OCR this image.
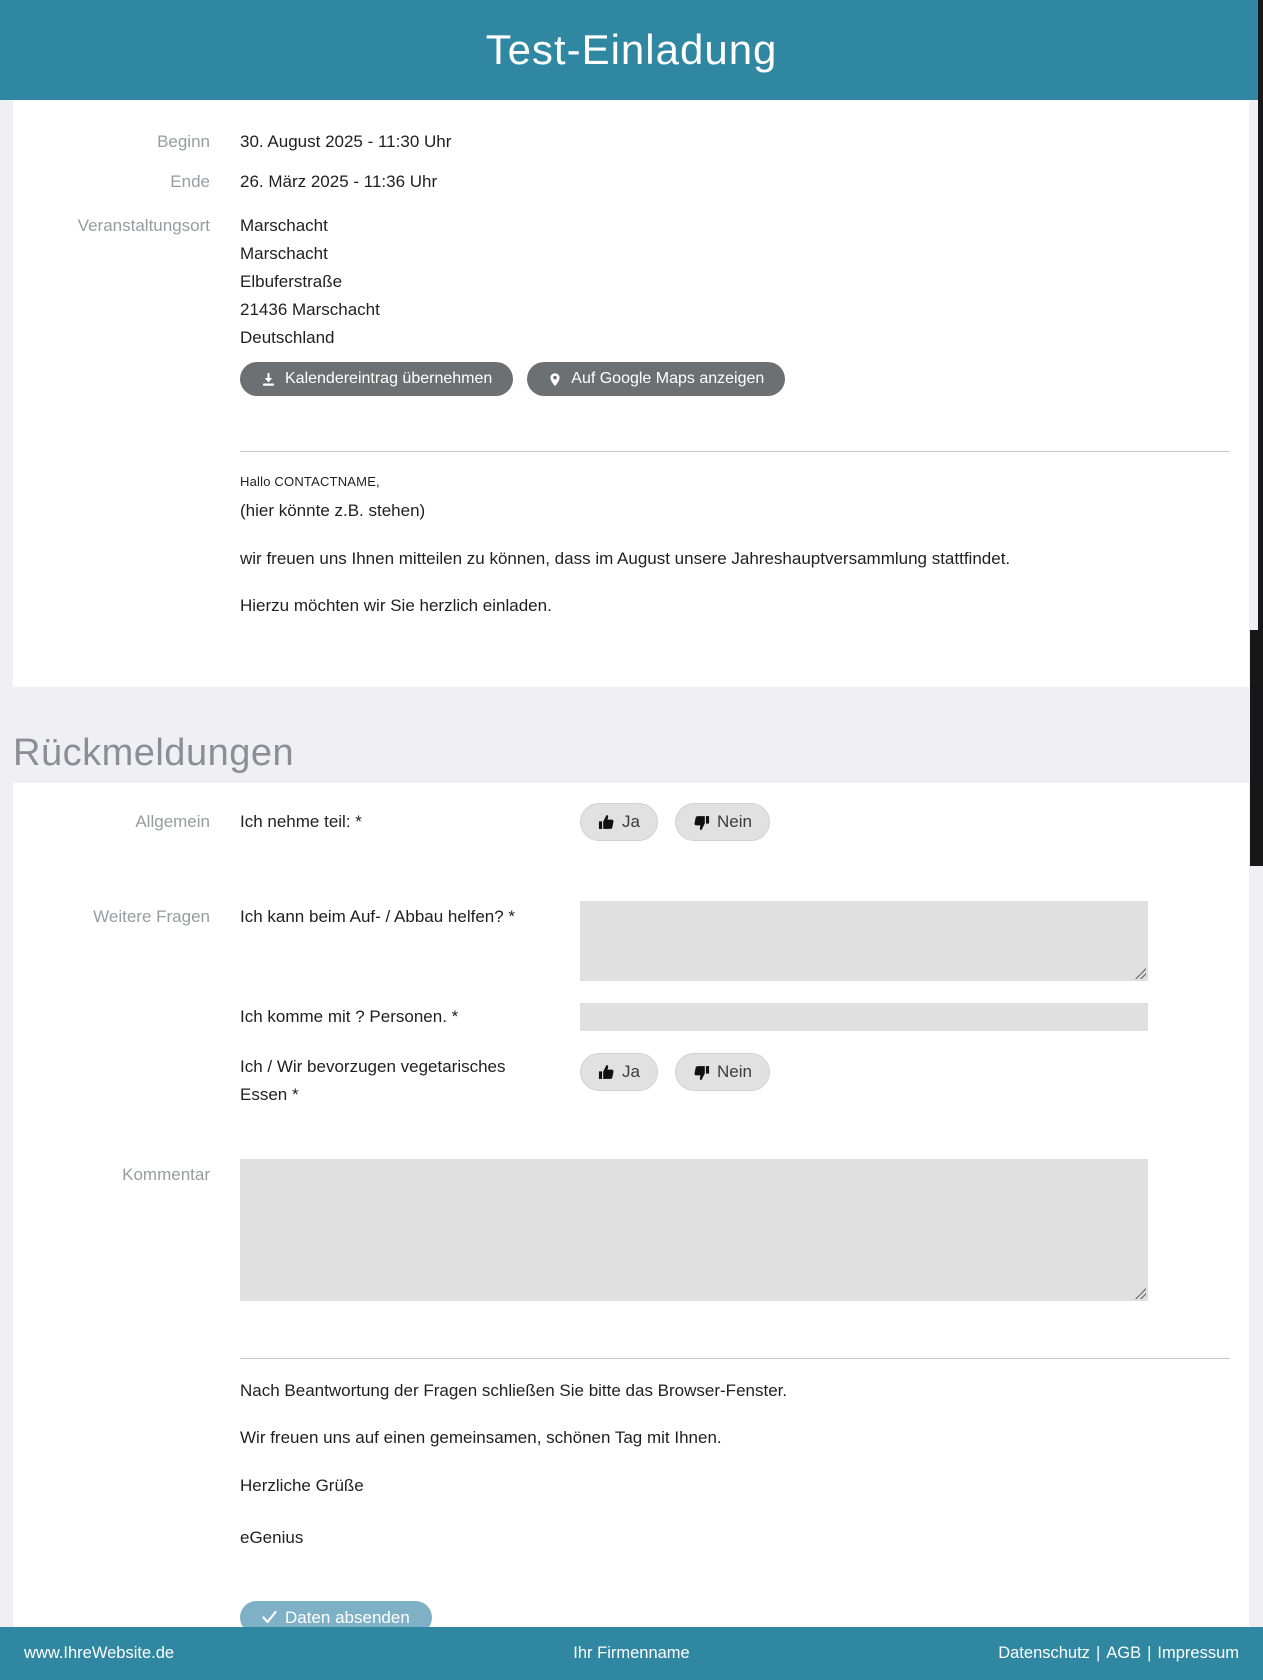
Test-Einladung
Beginn 30. August 2025 - 11:30 Uhr
Ende 26. März 2025 - 11:36 Uhr
Veranstaltungsort Marschacht
Marschacht
Elbuferstraße
21436 Marschacht
Deutschland
Kalendereintrag übernehmen	Auf Google Maps anzeigen
Hallo CONTACTNAME,
(hier könnte z.B. stehen)

wir freuen uns Ihnen mitteilen zu können, dass im August unsere Jahreshauptversammlung stattfindet.

Hierzu möchten wir Sie herzlich einladen.

Rückmeldungen
Allgemein Ich nehme teil: *	Ja	Nein
Weitere Fragen Ich kann beim Auf- / Abbau helfen? *
Ich komme mit ? Personen. *
Ich / Wir bevorzugen vegetarisches Essen *
Ja	Nein
Kommentar

Nach Beantwortung der Fragen schließen Sie bitte das Browser-Fenster.

Wir freuen uns auf einen gemeinsamen, schönen Tag mit Ihnen.

Herzliche Grüße

eGenius

Daten absenden
www.IhreWebsite.de	Ihr Firmenname	Datenschutz | AGB | Impressum
